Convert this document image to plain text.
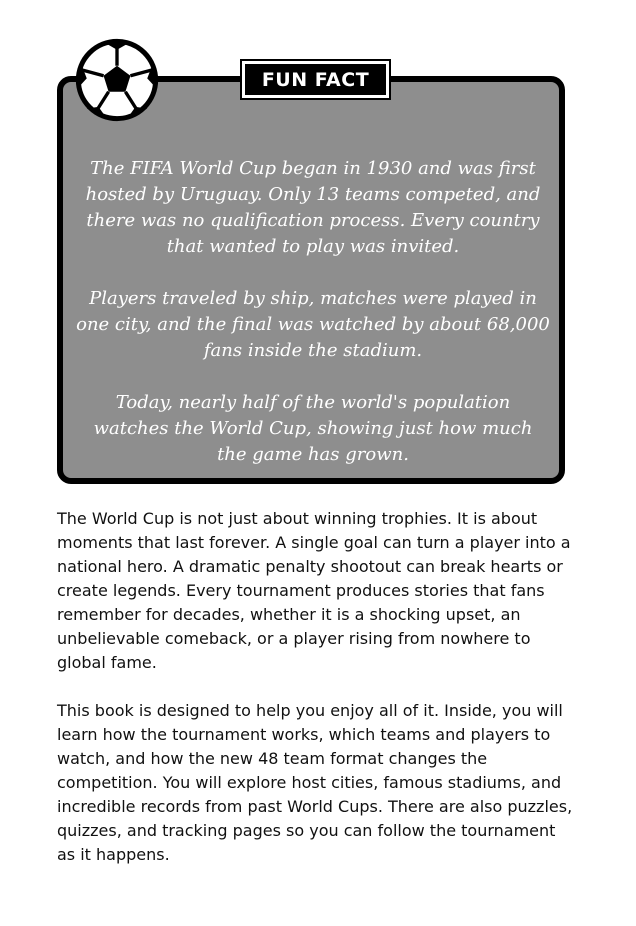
FUN FACT

The FIFA World Cup began in 1930 and was first hosted by Uruguay. Only 13 teams competed, and there was no qualification process. Every country that wanted to play was invited.

Players traveled by ship, matches were played in one city, and the final was watched by about 68,000 fans inside the stadium.

Today, nearly half of the world's population watches the World Cup, showing just how much the game has grown.

The World Cup is not just about winning trophies. It is about moments that last forever. A single goal can turn a player into a national hero. A dramatic penalty shootout can break hearts or create legends. Every tournament produces stories that fans remember for decades, whether it is a shocking upset, an unbelievable comeback, or a player rising from nowhere to global fame.

This book is designed to help you enjoy all of it. Inside, you will learn how the tournament works, which teams and players to watch, and how the new 48 team format changes the competition. You will explore host cities, famous stadiums, and incredible records from past World Cups. There are also puzzles, quizzes, and tracking pages so you can follow the tournament as it happens.
